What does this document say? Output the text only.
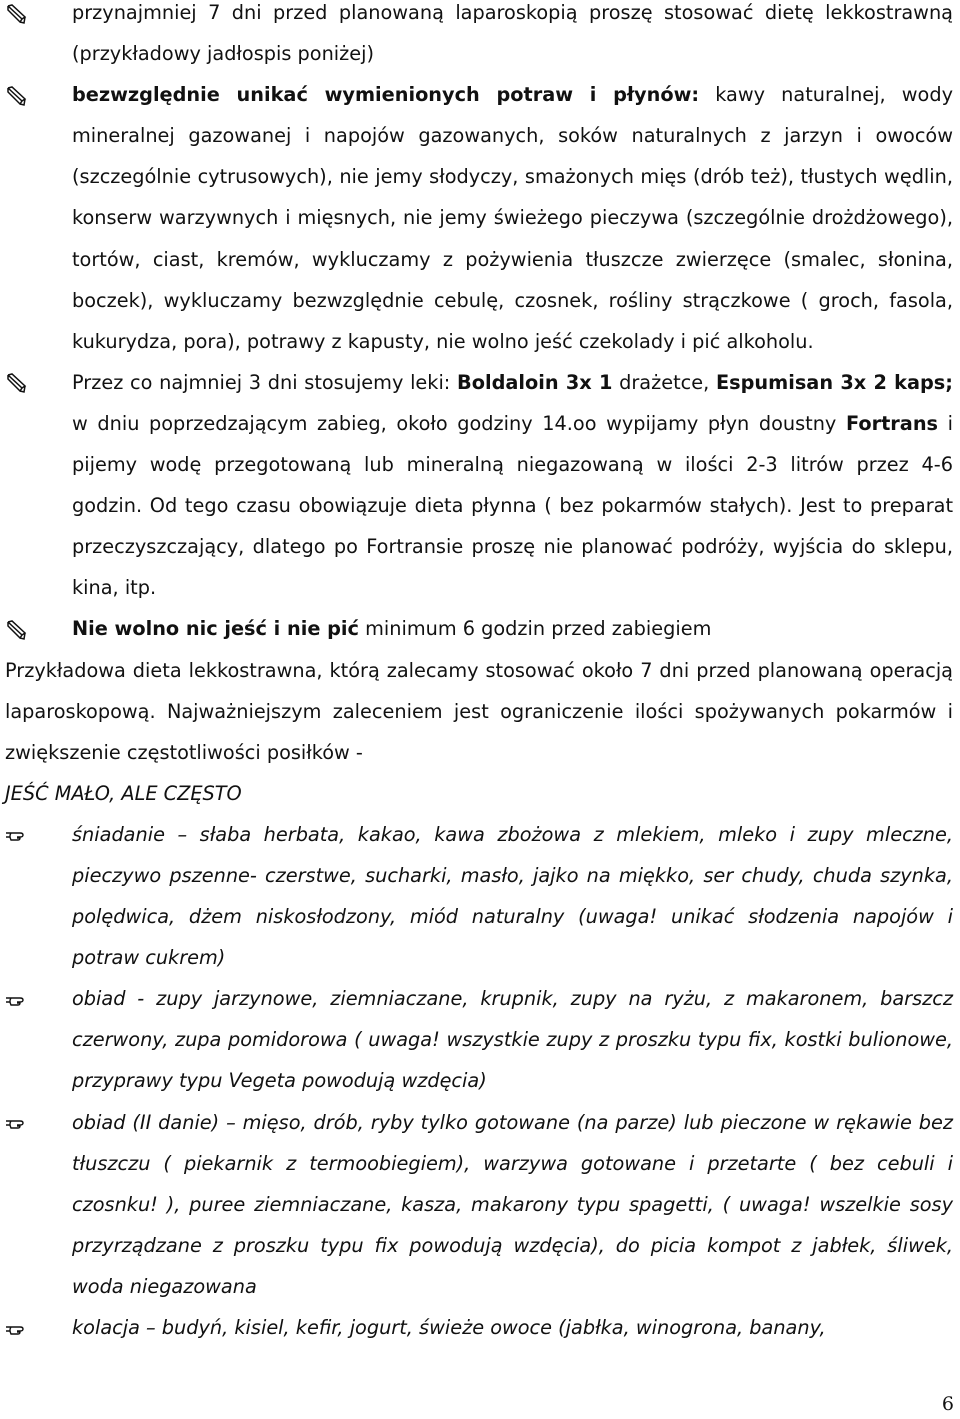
przynajmniej 7 dni przed planowaną laparoskopią proszę stosować dietę lekkostrawną (przykładowy jadłospis poniżej)

bezwzględnie unikać wymienionych potraw i płynów: kawy naturalnej, wody mineralnej gazowanej i napojów gazowanych, soków naturalnych z jarzyn i owoców (szczególnie cytrusowych), nie jemy słodyczy, smażonych mięs (drób też), tłustych wędlin, konserw warzywnych i mięsnych, nie jemy świeżego pieczywa (szczególnie drożdżowego), tortów, ciast, kremów, wykluczamy z pożywienia tłuszcze zwierzęce (smalec, słonina, boczek), wykluczamy bezwzględnie cebulę, czosnek, rośliny strączkowe ( groch, fasola, kukurydza, pora), potrawy z kapusty, nie wolno jeść czekolady i pić alkoholu.

Przez co najmniej 3 dni stosujemy leki: Boldaloin 3x 1 drażetce, Espumisan 3x 2 kaps; w dniu poprzedzającym zabieg, około godziny 14.oo wypijamy płyn doustny Fortrans i pijemy wodę przegotowaną lub mineralną niegazowaną w ilości 2-3 litrów przez 4-6 godzin. Od tego czasu obowiązuje dieta płynna ( bez pokarmów stałych). Jest to preparat przeczyszczający, dlatego po Fortransie proszę nie planować podróży, wyjścia do sklepu, kina, itp.

Nie wolno nic jeść i nie pić minimum 6 godzin przed zabiegiem

Przykładowa dieta lekkostrawna, którą zalecamy stosować około 7 dni przed planowaną operacją laparoskopową. Najważniejszym zaleceniem jest ograniczenie ilości spożywanych pokarmów i zwiększenie częstotliwości posiłków -

JEŚĆ MAŁO, ALE CZĘSTO

śniadanie – słaba herbata, kakao, kawa zbożowa z mlekiem, mleko i zupy mleczne, pieczywo pszenne- czerstwe, sucharki, masło, jajko na miękko, ser chudy, chuda szynka, polędwica, dżem niskosłodzony, miód naturalny (uwaga! unikać słodzenia napojów i potraw cukrem)

obiad - zupy jarzynowe, ziemniaczane, krupnik, zupy na ryżu, z makaronem, barszcz czerwony, zupa pomidorowa ( uwaga! wszystkie zupy z proszku typu fix, kostki bulionowe, przyprawy typu Vegeta powodują wzdęcia)

obiad (II danie) – mięso, drób, ryby tylko gotowane (na parze) lub pieczone w rękawie bez tłuszczu ( piekarnik z termoobiegiem), warzywa gotowane i przetarte ( bez cebuli i czosnku! ), puree ziemniaczane, kasza, makarony typu spagetti, ( uwaga! wszelkie sosy przyrządzane z proszku typu fix powodują wzdęcia), do picia kompot z jabłek, śliwek, woda niegazowana

kolacja – budyń, kisiel, kefir, jogurt, świeże owoce (jabłka, winogrona, banany,

6
